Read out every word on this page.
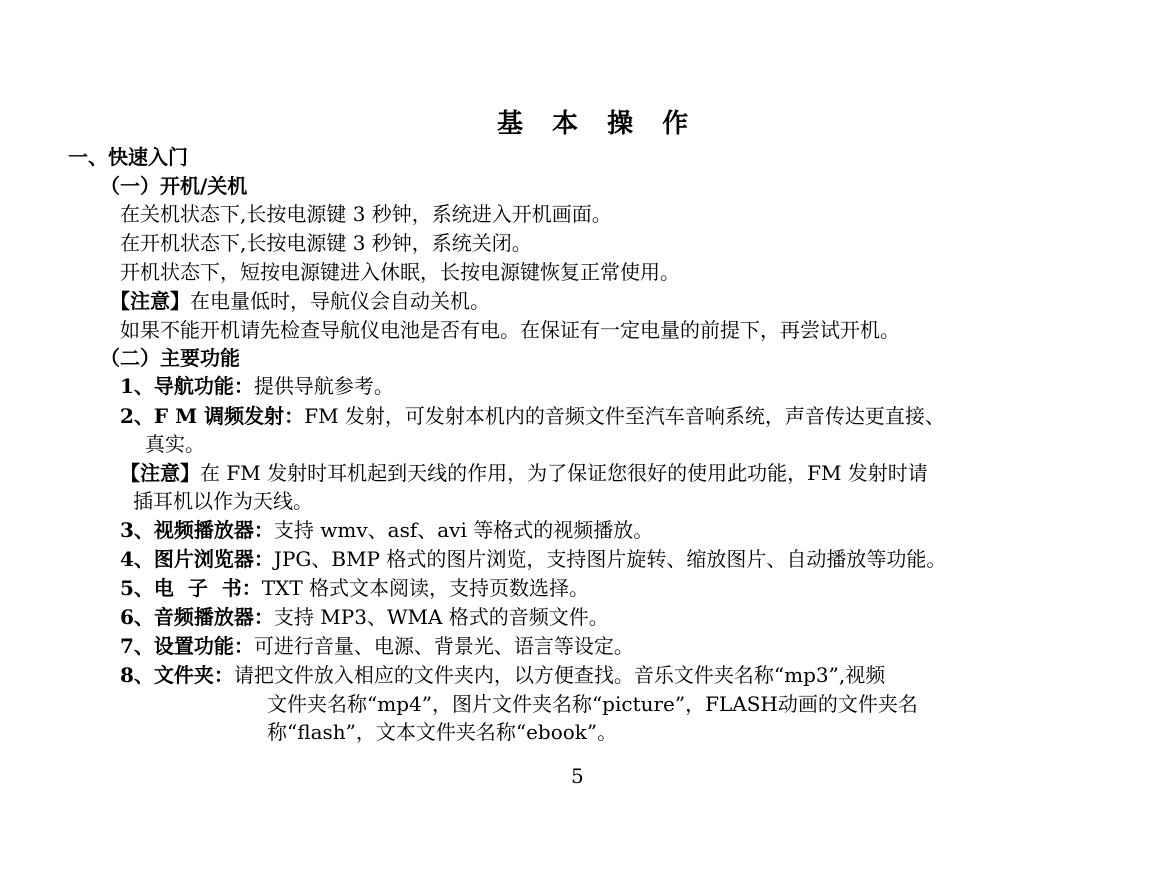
基 本 操 作
一、快速入门
（一）开机/关机
在关机状态下,长按电源键 3 秒钟，系统进入开机画面。
在开机状态下,长按电源键 3 秒钟，系统关闭。
开机状态下，短按电源键进入休眠，长按电源键恢复正常使用。
【注意】在电量低时，导航仪会自动关机。
如果不能开机请先检查导航仪电池是否有电。在保证有一定电量的前提下，再尝试开机。
（二）主要功能
1、导航功能：提供导航参考。
2、F M 调频发射：FM 发射，可发射本机内的音频文件至汽车音响系统，声音传达更直接、
真实。
【注意】在 FM 发射时耳机起到天线的作用，为了保证您很好的使用此功能，FM 发射时请
插耳机以作为天线。
3、视频播放器：支持 wmv、asf、avi 等格式的视频播放。
4、图片浏览器：JPG、BMP 格式的图片浏览，支持图片旋转、缩放图片、自动播放等功能。
5、电  子  书：TXT 格式文本阅读，支持页数选择。
6、音频播放器：支持 MP3、WMA 格式的音频文件。
7、设置功能：可进行音量、电源、背景光、语言等设定。
8、文件夹：请把文件放入相应的文件夹内，以方便查找。音乐文件夹名称“mp3”,视频
文件夹名称“mp4”，图片文件夹名称“picture”，FLASH动画的文件夹名
称“flash”，文本文件夹名称“ebook”。
5
